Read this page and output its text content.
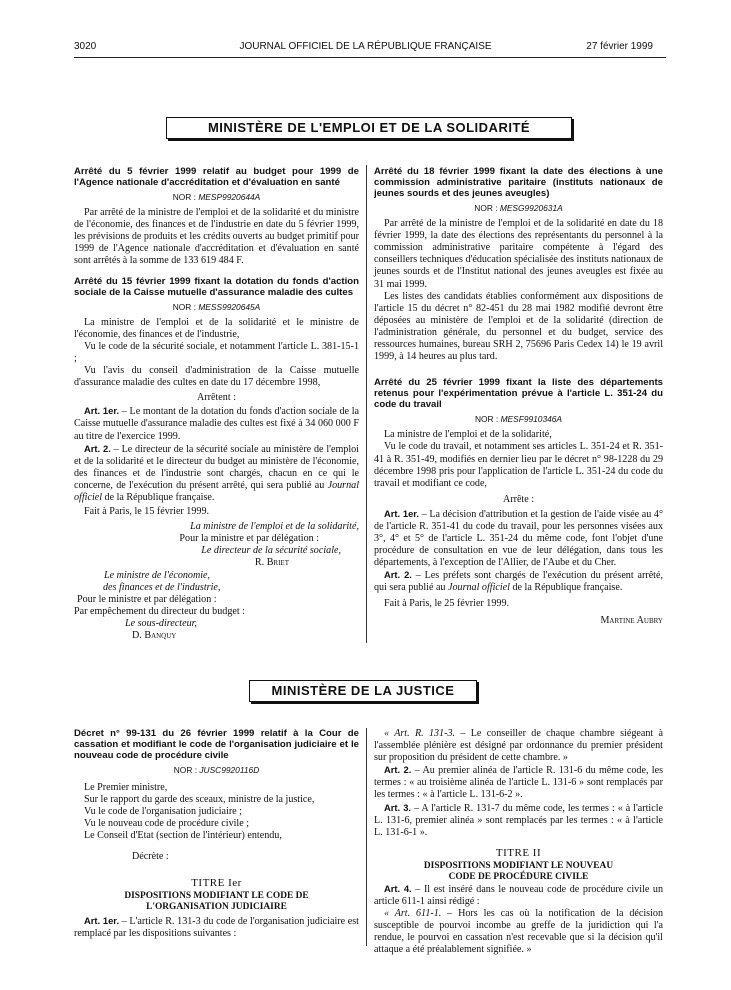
3020	JOURNAL OFFICIEL DE LA RÉPUBLIQUE FRANÇAISE	27 février 1999
MINISTÈRE DE L'EMPLOI ET DE LA SOLIDARITÉ
Arrêté du 5 février 1999 relatif au budget pour 1999 de l'Agence nationale d'accréditation et d'évaluation en santé
NOR : MESP9920644A

Par arrêté de la ministre de l'emploi et de la solidarité et du ministre de l'économie, des finances et de l'industrie en date du 5 février 1999, les prévisions de produits et les crédits ouverts au budget primitif pour 1999 de l'Agence nationale d'accréditation et d'évaluation en santé sont arrêtés à la somme de 133 619 484 F.

Arrêté du 15 février 1999 fixant la dotation du fonds d'action sociale de la Caisse mutuelle d'assurance maladie des cultes
NOR : MESS9920645A

La ministre de l'emploi et de la solidarité et le ministre de l'économie, des finances et de l'industrie,

Vu le code de la sécurité sociale, et notamment l'article L. 381-15-1 ;

Vu l'avis du conseil d'administration de la Caisse mutuelle d'assurance maladie des cultes en date du 17 décembre 1998,

Arrêtent :

Art. 1er. – Le montant de la dotation du fonds d'action sociale de la Caisse mutuelle d'assurance maladie des cultes est fixé à 34 060 000 F au titre de l'exercice 1999.

Art. 2. – Le directeur de la sécurité sociale au ministère de l'emploi et de la solidarité et le directeur du budget au ministère de l'économie, des finances et de l'industrie sont chargés, chacun en ce qui le concerne, de l'exécution du présent arrêté, qui sera publié au Journal officiel de la République française.

Fait à Paris, le 15 février 1999.

La ministre de l'emploi et de la solidarité,

Pour la ministre et par délégation :

Le directeur de la sécurité sociale,

R. Briet

Le ministre de l'économie,

des finances et de l'industrie,

Pour le ministre et par délégation :

Par empêchement du directeur du budget :

Le sous-directeur,

D. Banquy

Arrêté du 18 février 1999 fixant la date des élections à une commission administrative paritaire (instituts nationaux de jeunes sourds et des jeunes aveugles)
NOR : MESG9920631A

Par arrêté de la ministre de l'emploi et de la solidarité en date du 18 février 1999, la date des élections des représentants du personnel à la commission administrative paritaire compétente à l'égard des conseillers techniques d'éducation spécialisée des instituts nationaux de jeunes sourds et de l'Institut national des jeunes aveugles est fixée au 31 mai 1999.

Les listes des candidats établies conformément aux dispositions de l'article 15 du décret n° 82-451 du 28 mai 1982 modifié devront être déposées au ministère de l'emploi et de la solidarité (direction de l'administration générale, du personnel et du budget, service des ressources humaines, bureau SRH 2, 75696 Paris Cedex 14) le 19 avril 1999, à 14 heures au plus tard.

Arrêté du 25 février 1999 fixant la liste des départements retenus pour l'expérimentation prévue à l'article L. 351-24 du code du travail
NOR : MESF9910346A

La ministre de l'emploi et de la solidarité,

Vu le code du travail, et notamment ses articles L. 351-24 et R. 351-41 à R. 351-49, modifiés en dernier lieu par le décret n° 98-1228 du 29 décembre 1998 pris pour l'application de l'article L. 351-24 du code du travail et modifiant ce code,

Arrête :

Art. 1er. – La décision d'attribution et la gestion de l'aide visée au 4° de l'article R. 351-41 du code du travail, pour les personnes visées aux 3°, 4° et 5° de l'article L. 351-24 du même code, font l'objet d'une procédure de consultation en vue de leur délégation, dans tous les départements, à l'exception de l'Allier, de l'Aube et du Cher.

Art. 2. – Les préfets sont chargés de l'exécution du présent arrêté, qui sera publié au Journal officiel de la République française.

Fait à Paris, le 25 février 1999.

Martine Aubry

MINISTÈRE DE LA JUSTICE
Décret n° 99-131 du 26 février 1999 relatif à la Cour de cassation et modifiant le code de l'organisation judiciaire et le nouveau code de procédure civile
NOR : JUSC9920116D

Le Premier ministre,

Sur le rapport du garde des sceaux, ministre de la justice,

Vu le code de l'organisation judiciaire ;

Vu le nouveau code de procédure civile ;

Le Conseil d'Etat (section de l'intérieur) entendu,

Décrète :

TITRE Ier
DISPOSITIONS MODIFIANT LE CODE DE L'ORGANISATION JUDICIAIRE

Art. 1er. – L'article R. 131-3 du code de l'organisation judiciaire est remplacé par les dispositions suivantes :

« Art. R. 131-3. – Le conseiller de chaque chambre siégeant à l'assemblée plénière est désigné par ordonnance du premier président sur proposition du président de cette chambre. »

Art. 2. – Au premier alinéa de l'article R. 131-6 du même code, les termes : « au troisième alinéa de l'article L. 131-6 » sont remplacés par les termes : « à l'article L. 131-6-2 ».

Art. 3. – A l'article R. 131-7 du même code, les termes : « à l'article L. 131-6, premier alinéa » sont remplacés par les termes : « à l'article L. 131-6-1 ».

TITRE II
DISPOSITIONS MODIFIANT LE NOUVEAU CODE DE PROCÉDURE CIVILE

Art. 4. – Il est inséré dans le nouveau code de procédure civile un article 611-1 ainsi rédigé :

« Art. 611-1. – Hors les cas où la notification de la décision susceptible de pourvoi incombe au greffe de la juridiction qui l'a rendue, le pourvoi en cassation n'est recevable que si la décision qu'il attaque a été préalablement signifiée. »
